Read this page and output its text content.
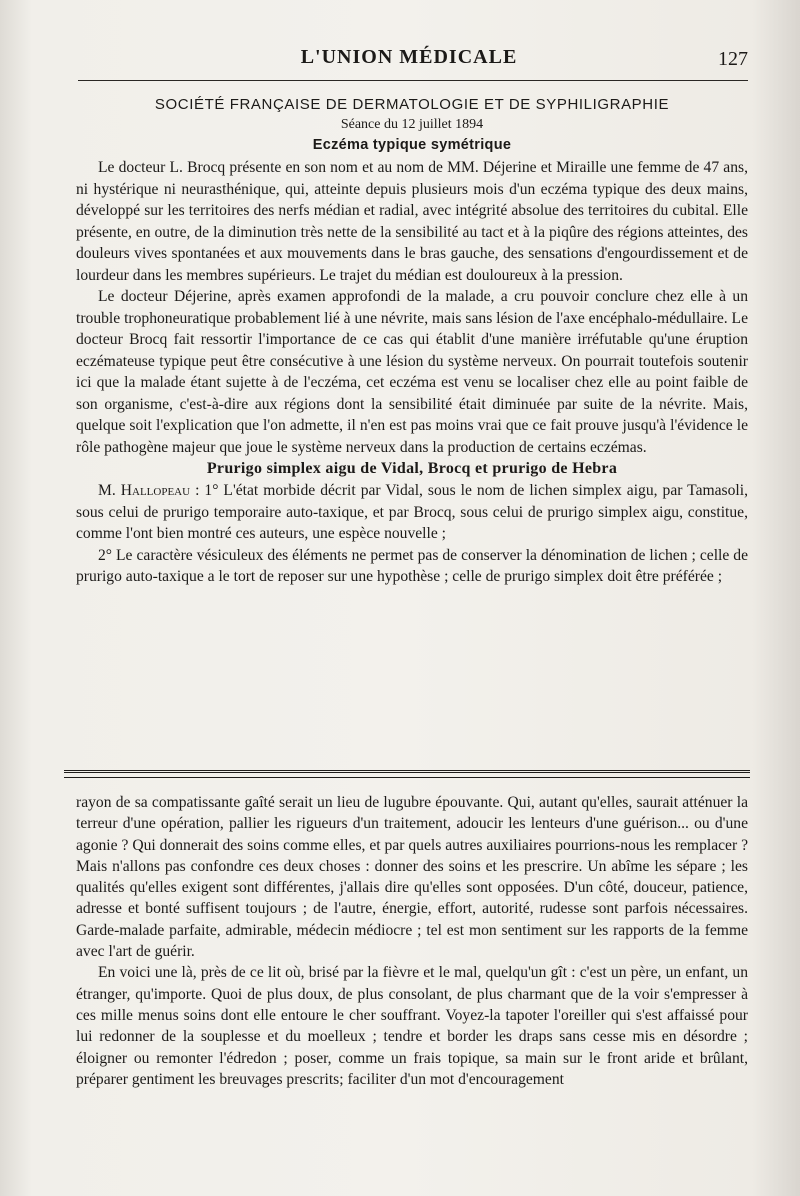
L'UNION MÉDICALE	127
SOCIÉTÉ FRANÇAISE DE DERMATOLOGIE ET DE SYPHILIGRAPHIE
Séance du 12 juillet 1894
Eczéma typique symétrique

Le docteur L. Brocq présente en son nom et au nom de MM. Déjerine et Miraille une femme de 47 ans, ni hystérique ni neurasthénique, qui, atteinte depuis plusieurs mois d'un eczéma typique des deux mains, développé sur les territoires des nerfs médian et radial, avec intégrité absolue des territoires du cubital. Elle présente, en outre, de la diminution très nette de la sensibilité au tact et à la piqûre des régions atteintes, des douleurs vives spontanées et aux mouvements dans le bras gauche, des sensations d'engourdissement et de lourdeur dans les membres supérieurs. Le trajet du médian est douloureux à la pression.

Le docteur Déjerine, après examen approfondi de la malade, a cru pouvoir conclure chez elle à un trouble trophoneuratique probablement lié à une névrite, mais sans lésion de l'axe encéphalo-médullaire. Le docteur Brocq fait ressortir l'importance de ce cas qui établit d'une manière irréfutable qu'une éruption eczémateuse typique peut être consécutive à une lésion du système nerveux. On pourrait toutefois soutenir ici que la malade étant sujette à de l'eczéma, cet eczéma est venu se localiser chez elle au point faible de son organisme, c'est-à-dire aux régions dont la sensibilité était diminuée par suite de la névrite. Mais, quelque soit l'explication que l'on admette, il n'en est pas moins vrai que ce fait prouve jusqu'à l'évidence le rôle pathogène majeur que joue le système nerveux dans la production de certains eczémas.

Prurigo simplex aigu de Vidal, Brocq et prurigo de Hebra

M. Hallopeau : 1° L'état morbide décrit par Vidal, sous le nom de lichen simplex aigu, par Tamasoli, sous celui de prurigo temporaire auto-taxique, et par Brocq, sous celui de prurigo simplex aigu, constitue, comme l'ont bien montré ces auteurs, une espèce nouvelle ;

2° Le caractère vésiculeux des éléments ne permet pas de conserver la dénomination de lichen ; celle de prurigo auto-taxique a le tort de reposer sur une hypothèse ; celle de prurigo simplex doit être préférée ;

rayon de sa compatissante gaîté serait un lieu de lugubre épouvante. Qui, autant qu'elles, saurait atténuer la terreur d'une opération, pallier les rigueurs d'un traitement, adoucir les lenteurs d'une guérison... ou d'une agonie ? Qui donnerait des soins comme elles, et par quels autres auxiliaires pourrions-nous les remplacer ? Mais n'allons pas confondre ces deux choses : donner des soins et les prescrire. Un abîme les sépare ; les qualités qu'elles exigent sont différentes, j'allais dire qu'elles sont opposées. D'un côté, douceur, patience, adresse et bonté suffisent toujours ; de l'autre, énergie, effort, autorité, rudesse sont parfois nécessaires. Garde-malade parfaite, admirable, médecin médiocre ; tel est mon sentiment sur les rapports de la femme avec l'art de guérir.

En voici une là, près de ce lit où, brisé par la fièvre et le mal, quelqu'un gît : c'est un père, un enfant, un étranger, qu'importe. Quoi de plus doux, de plus consolant, de plus charmant que de la voir s'empresser à ces mille menus soins dont elle entoure le cher souffrant. Voyez-la tapoter l'oreiller qui s'est affaissé pour lui redonner de la souplesse et du moelleux ; tendre et border les draps sans cesse mis en désordre ; éloigner ou remonter l'édredon ; poser, comme un frais topique, sa main sur le front aride et brûlant, préparer gentiment les breuvages prescrits; faciliter d'un mot d'encouragement
